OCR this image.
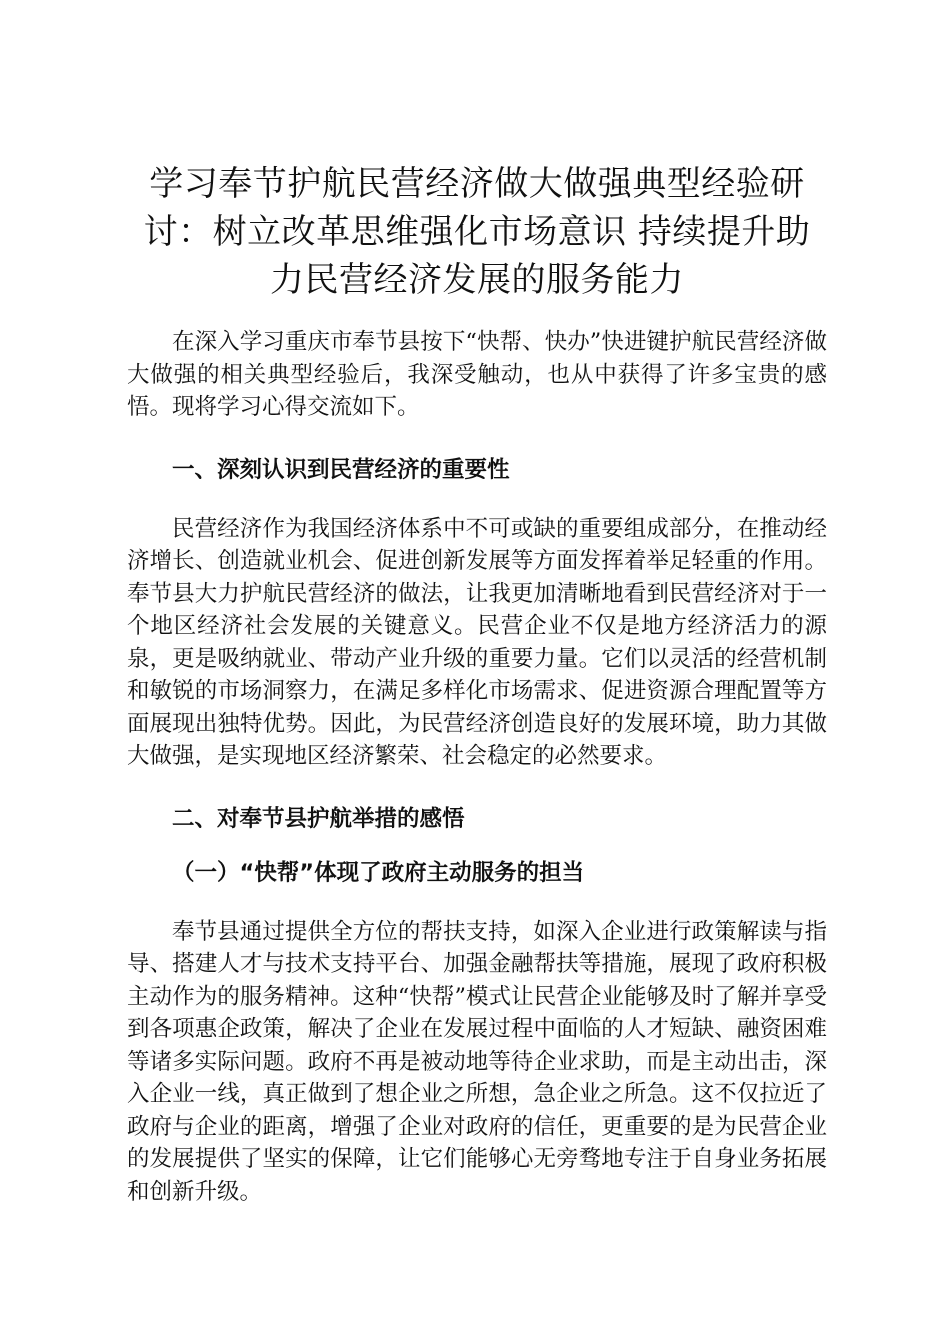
学习奉节护航民营经济做大做强典型经验研讨：树立改革思维强化市场意识 持续提升助力民营经济发展的服务能力

在深入学习重庆市奉节县按下“快帮、快办”快进键护航民营经济做大做强的相关典型经验后，我深受触动，也从中获得了许多宝贵的感悟。现将学习心得交流如下。

一、深刻认识到民营经济的重要性

民营经济作为我国经济体系中不可或缺的重要组成部分，在推动经济增长、创造就业机会、促进创新发展等方面发挥着举足轻重的作用。奉节县大力护航民营经济的做法，让我更加清晰地看到民营经济对于一个地区经济社会发展的关键意义。民营企业不仅是地方经济活力的源泉，更是吸纳就业、带动产业升级的重要力量。它们以灵活的经营机制和敏锐的市场洞察力，在满足多样化市场需求、促进资源合理配置等方面展现出独特优势。因此，为民营经济创造良好的发展环境，助力其做大做强，是实现地区经济繁荣、社会稳定的必然要求。

二、对奉节县护航举措的感悟
（一）“快帮”体现了政府主动服务的担当

奉节县通过提供全方位的帮扶支持，如深入企业进行政策解读与指导、搭建人才与技术支持平台、加强金融帮扶等措施，展现了政府积极主动作为的服务精神。这种“快帮”模式让民营企业能够及时了解并享受到各项惠企政策，解决了企业在发展过程中面临的人才短缺、融资困难等诸多实际问题。政府不再是被动地等待企业求助，而是主动出击，深入企业一线，真正做到了想企业之所想，急企业之所急。这不仅拉近了政府与企业的距离，增强了企业对政府的信任，更重要的是为民营企业的发展提供了坚实的保障，让它们能够心无旁骛地专注于自身业务拓展和创新升级。
